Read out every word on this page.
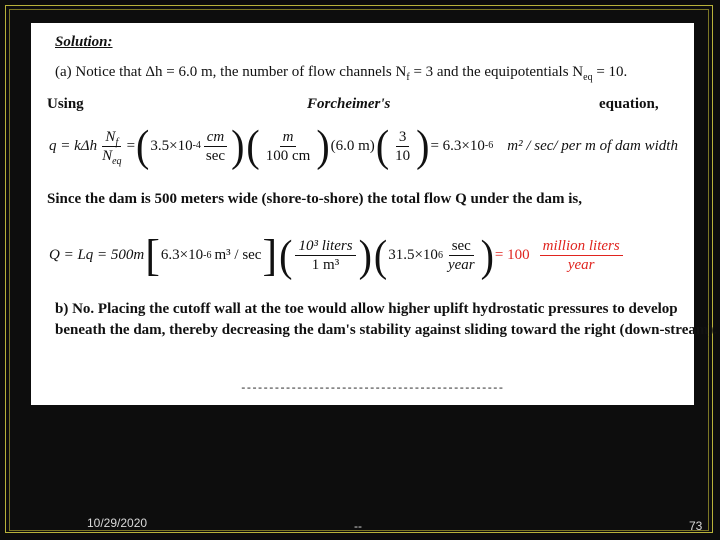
Solution:
(a) Notice that Δh = 6.0 m, the number of flow channels $N_f = 3$ and the equipotentials $N_{eq} = 10$.
Using	Forcheimer's	equation,
q = kΔh $\frac{N_f}{N_{eq}}$ = ( 3.5×10 $-4 \frac{cm}{\sec}$ ) ( $\frac{m}{100 cm}$ ) (6.0 m) ( $\frac{3}{10}$ ) = 6.3×10 -6 m² / sec/ per m of dam width
Since the dam is 500 meters wide (shore-to-shore) the total flow Q under the dam is,
Q = Lq = 500m [ 6.3×10 -6 m³ / sec ] ( $\frac{\text{10³ liters}}{\text{1 m³}}$ ) ( 31.5×10 $6 \frac{\sec}{\text{year}}$ ) = $100 \frac{\text{million liters}}{\text{year}}$
b) No. Placing the cutoff wall at the toe would allow higher uplift hydrostatic pressures to develop
beneath the dam, thereby decreasing the dam's stability against sliding toward the right (down-stream).
-----------------------------------------------
10/29/2020	--	73
